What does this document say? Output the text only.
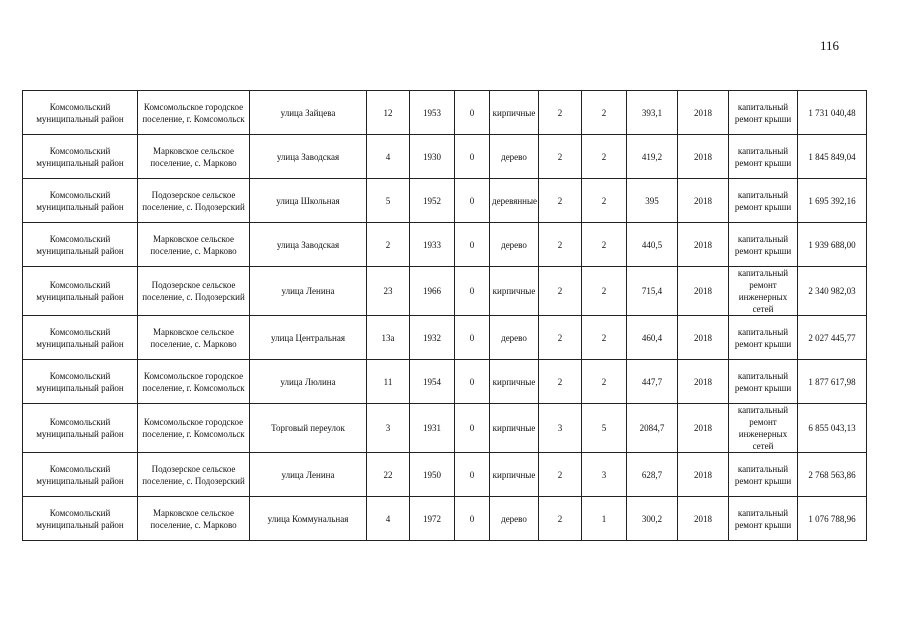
116
Комсомольский муниципальный район	Комсомольское городское поселение, г. Комсомольск	улица Зайцева	12	1953	0	кирпичные	2	2	393,1	2018	капитальный ремонт крыши	1 731 040,48

Комсомольский муниципальный район	Марковское сельское поселение, с. Марково	улица Заводская	4	1930	0	дерево	2	2	419,2	2018	капитальный ремонт крыши	1 845 849,04

Комсомольский муниципальный район	Подозерское сельское поселение, с. Подозерский	улица Школьная	5	1952	0	деревянные	2	2	395	2018	капитальный ремонт крыши	1 695 392,16

Комсомольский муниципальный район	Марковское сельское поселение, с. Марково	улица Заводская	2	1933	0	дерево	2	2	440,5	2018	капитальный ремонт крыши	1 939 688,00

Комсомольский муниципальный район	Подозерское сельское поселение, с. Подозерский	улица Ленина	23	1966	0	кирпичные	2	2	715,4	2018	капитальный ремонт инженерных сетей	2 340 982,03

Комсомольский муниципальный район	Марковское сельское поселение, с. Марково	улица Центральная	13а	1932	0	дерево	2	2	460,4	2018	капитальный ремонт крыши	2 027 445,77

Комсомольский муниципальный район	Комсомольское городское поселение, г. Комсомольск	улица Люлина	11	1954	0	кирпичные	2	2	447,7	2018	капитальный ремонт крыши	1 877 617,98

Комсомольский муниципальный район	Комсомольское городское поселение, г. Комсомольск	Торговый переулок	3	1931	0	кирпичные	3	5	2084,7	2018	капитальный ремонт инженерных сетей	6 855 043,13

Комсомольский муниципальный район	Подозерское сельское поселение, с. Подозерский	улица Ленина	22	1950	0	кирпичные	2	3	628,7	2018	капитальный ремонт крыши	2 768 563,86

Комсомольский муниципальный район	Марковское сельское поселение, с. Марково	улица Коммунальная	4	1972	0	дерево	2	1	300,2	2018	капитальный ремонт крыши	1 076 788,96
